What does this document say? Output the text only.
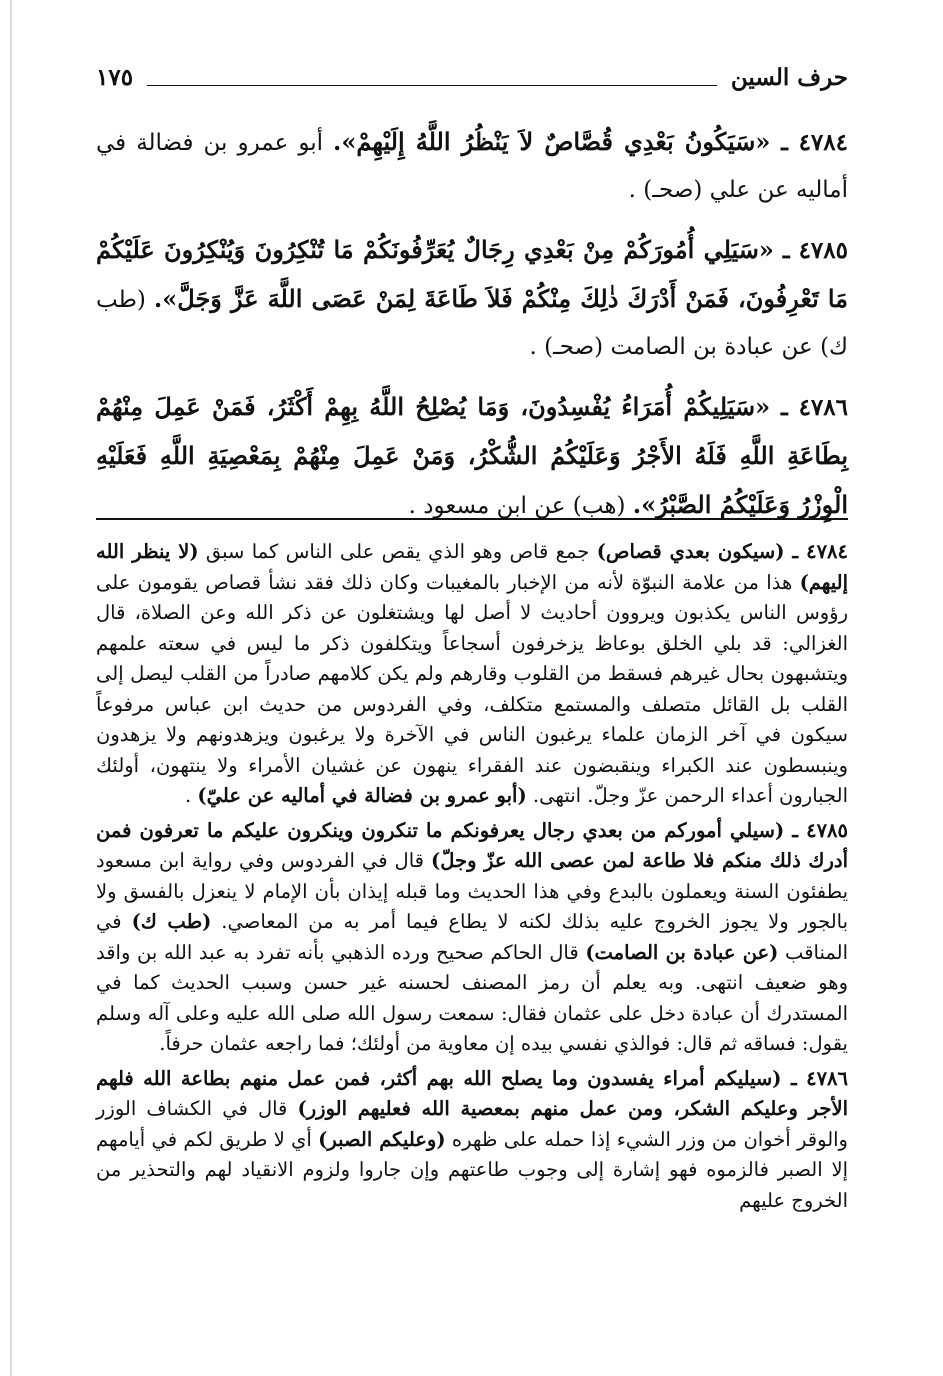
حرف السين
١٧٥

٤٧٨٤ ـ «سَيَكُونُ بَعْدِي قُصَّاصٌ لاَ يَنْظُرُ اللَّهُ إِلَيْهِمْ». أبو عمرو بن فضالة في أماليه عن علي (صحـ) .

٤٧٨٥ ـ «سَيَلِي أُمُورَكُمْ مِنْ بَعْدِي رِجَالٌ يُعَرِّفُونَكُمْ مَا تُنْكِرُونَ وَيُنْكِرُونَ عَلَيْكُمْ مَا تَعْرِفُونَ، فَمَنْ أَدْرَكَ ذٰلِكَ مِنْكُمْ فَلاَ طَاعَةَ لِمَنْ عَصَى اللَّهَ عَزَّ وَجَلَّ». (طب ك) عن عبادة بن الصامت (صحـ) .

٤٧٨٦ ـ «سَيَلِيكُمْ أُمَرَاءُ يُفْسِدُونَ، وَمَا يُصْلِحُ اللَّهُ بِهِمْ أَكْثَرُ، فَمَنْ عَمِلَ مِنْهُمْ بِطَاعَةِ اللَّهِ فَلَهُ الأَجْرُ وَعَلَيْكُمُ الشُّكْرُ، وَمَنْ عَمِلَ مِنْهُمْ بِمَعْصِيَةِ اللَّهِ فَعَلَيْهِ الْوِزْرُ وَعَلَيْكُمُ الصَّبْرُ». (هب) عن ابن مسعود .

٤٧٨٤ ـ (سيكون بعدي قصاص) جمع قاص وهو الذي يقص على الناس كما سبق (لا ينظر الله إليهم) هذا من علامة النبوّة لأنه من الإخبار بالمغيبات وكان ذلك فقد نشأ قصاص يقومون على رؤوس الناس يكذبون ويروون أحاديث لا أصل لها ويشتغلون عن ذكر الله وعن الصلاة، قال الغزالي: قد بلي الخلق بوعاظ يزخرفون أسجاعاً ويتكلفون ذكر ما ليس في سعته علمهم ويتشبهون بحال غيرهم فسقط من القلوب وقارهم ولم يكن كلامهم صادراً من القلب ليصل إلى القلب بل القائل متصلف والمستمع متكلف، وفي الفردوس من حديث ابن عباس مرفوعاً سيكون في آخر الزمان علماء يرغبون الناس في الآخرة ولا يرغبون ويزهدونهم ولا يزهدون وينبسطون عند الكبراء وينقبضون عند الفقراء ينهون عن غشيان الأمراء ولا ينتهون، أولئك الجبارون أعداء الرحمن عزّ وجلّ. انتهى. (أبو عمرو بن فضالة في أماليه عن عليّ) .

٤٧٨٥ ـ (سيلي أموركم من بعدي رجال يعرفونكم ما تنكرون وينكرون عليكم ما تعرفون فمن أدرك ذلك منكم فلا طاعة لمن عصى الله عزّ وجلّ) قال في الفردوس وفي رواية ابن مسعود يطفئون السنة ويعملون بالبدع وفي هذا الحديث وما قبله إيذان بأن الإمام لا ينعزل بالفسق ولا بالجور ولا يجوز الخروج عليه بذلك لكنه لا يطاع فيما أمر به من المعاصي. (طب ك) في المناقب (عن عبادة بن الصامت) قال الحاكم صحيح ورده الذهبي بأنه تفرد به عبد الله بن واقد وهو ضعيف انتهى. وبه يعلم أن رمز المصنف لحسنه غير حسن وسبب الحديث كما في المستدرك أن عبادة دخل على عثمان فقال: سمعت رسول الله صلى الله عليه وعلى آله وسلم يقول: فساقه ثم قال: فوالذي نفسي بيده إن معاوية من أولئك؛ فما راجعه عثمان حرفاً.

٤٧٨٦ ـ (سيليكم أمراء يفسدون وما يصلح الله بهم أكثر، فمن عمل منهم بطاعة الله فلهم الأجر وعليكم الشكر، ومن عمل منهم بمعصية الله فعليهم الوزر) قال في الكشاف الوزر والوقر أخوان من وزر الشيء إذا حمله على ظهره (وعليكم الصبر) أي لا طريق لكم في أيامهم إلا الصبر فالزموه فهو إشارة إلى وجوب طاعتهم وإن جاروا ولزوم الانقياد لهم والتحذير من الخروج عليهم
